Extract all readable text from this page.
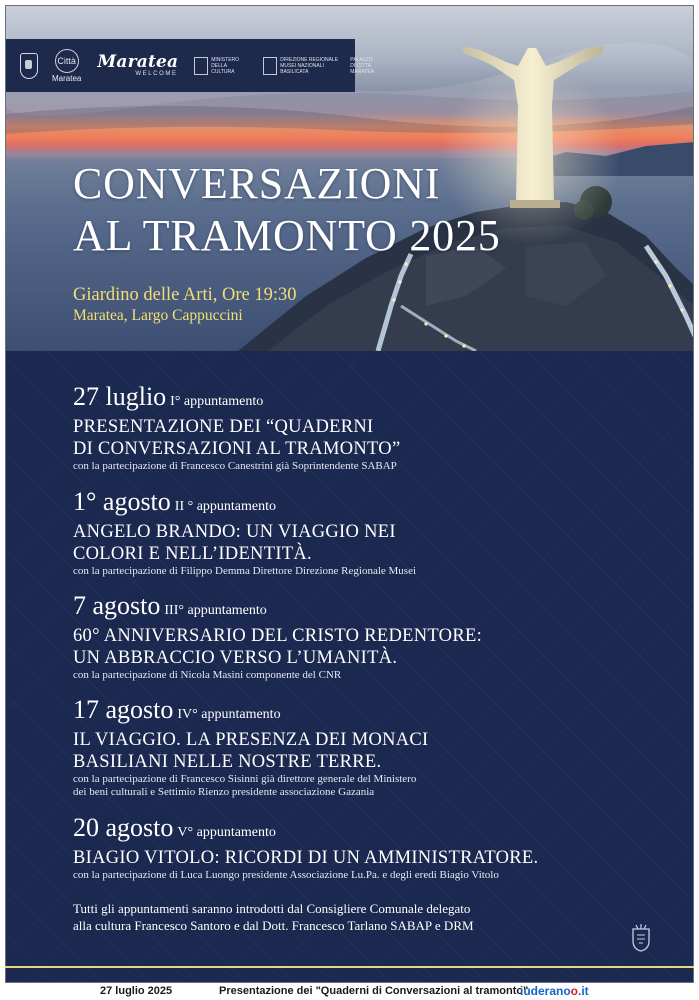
Città
Maratea
Maratea
WELCOME
MINISTERO DELLA CULTURA
DIREZIONE REGIONALE MUSEI NAZIONALI BASILICATA
PALAZZO DI CITTÀ MARATEA
CONVERSAZIONI
AL TRAMONTO 2025
Giardino delle Arti, Ore 19:30
Maratea, Largo Cappuccini
27 luglio I° appuntamento
PRESENTAZIONE DEI “QUADERNI
DI CONVERSAZIONI AL TRAMONTO”
con la partecipazione di Francesco Canestrini già Soprintendente SABAP
1° agosto II ° appuntamento
ANGELO BRANDO: UN VIAGGIO NEI
COLORI E NELL’IDENTITÀ.
con la partecipazione di Filippo Demma Direttore Direzione Regionale Musei
7 agosto III° appuntamento
60° ANNIVERSARIO DEL CRISTO REDENTORE:
UN ABBRACCIO VERSO L’UMANITÀ.
con la partecipazione di Nicola Masini componente del CNR
17 agosto IV° appuntamento
IL VIAGGIO. LA PRESENZA DEI MONACI
BASILIANI NELLE NOSTRE TERRE.
con la partecipazione di Francesco Sisinni già direttore generale del Ministero
dei beni culturali e Settimio Rienzo presidente associazione Gazania
20 agosto V° appuntamento
BIAGIO VITOLO: RICORDI DI UN AMMINISTRATORE.
con la partecipazione di Luca Luongo presidente Associazione Lu.Pa. e degli eredi Biagio Vitolo
Tutti gli appuntamenti saranno introdotti dal Consigliere Comunale delegato
alla cultura Francesco Santoro e dal Dott. Francesco Tarlano SABAP e DRM
27 luglio 2025	Presentazione dei "Quaderni di Conversazioni al tramonto"
iuderanoo.it
